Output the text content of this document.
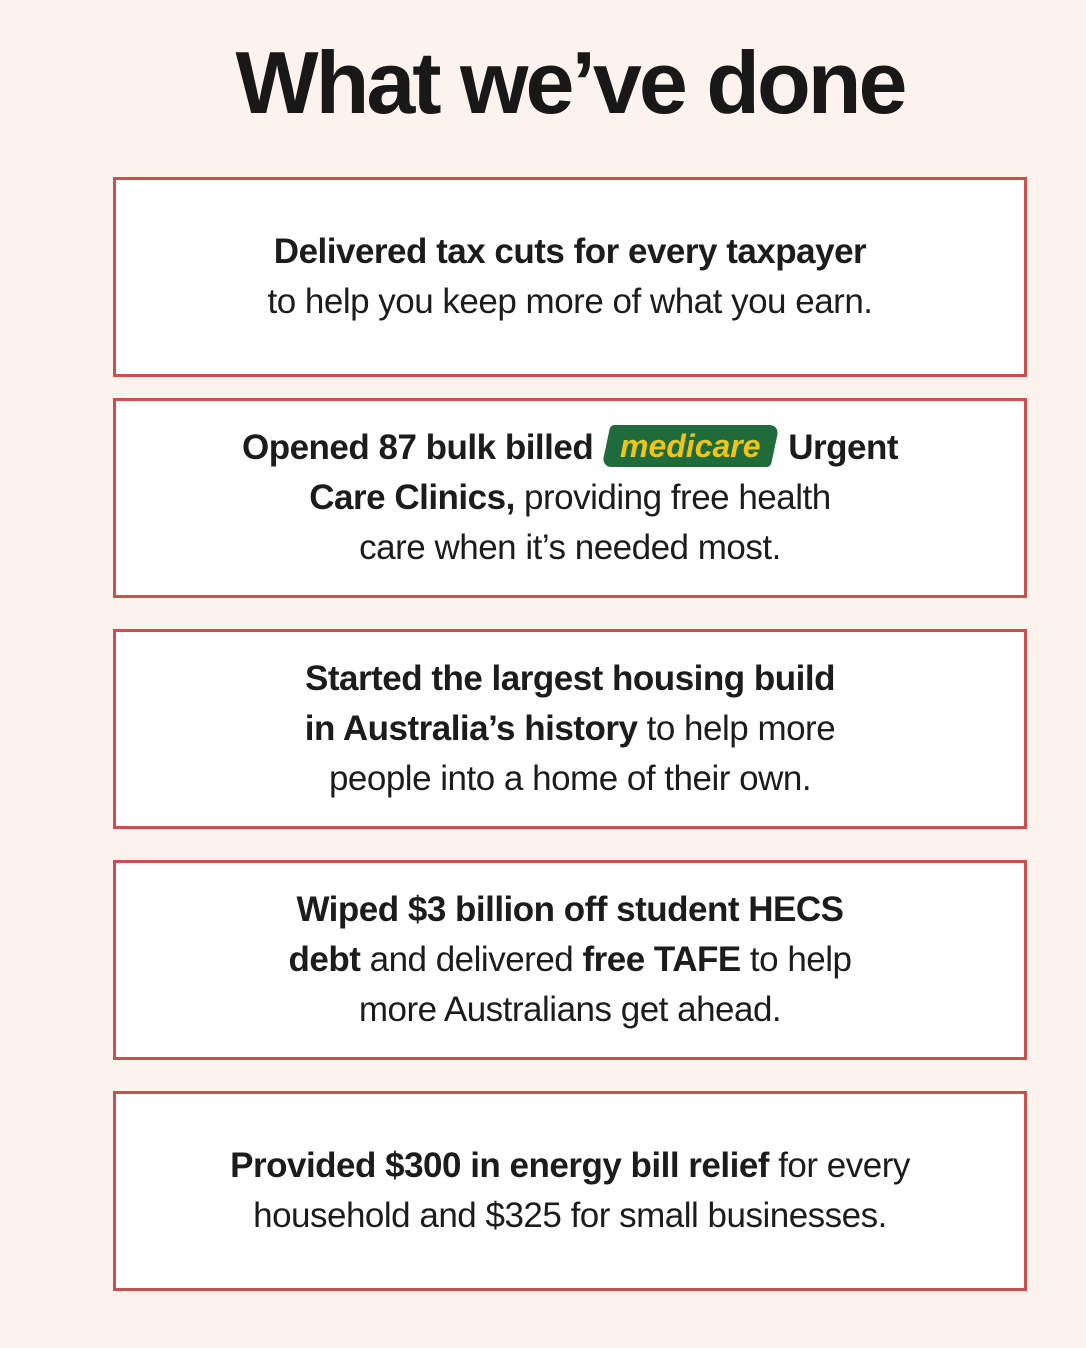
What we’ve done
Delivered tax cuts for every taxpayer
to help you keep more of what you earn.
Opened 87 bulk billed medicare Urgent
Care Clinics, providing free health
care when it’s needed most.
Started the largest housing build
in Australia’s history to help more
people into a home of their own.
Wiped $3 billion off student HECS
debt and delivered free TAFE to help
more Australians get ahead.
Provided $300 in energy bill relief for every
household and $325 for small businesses.
